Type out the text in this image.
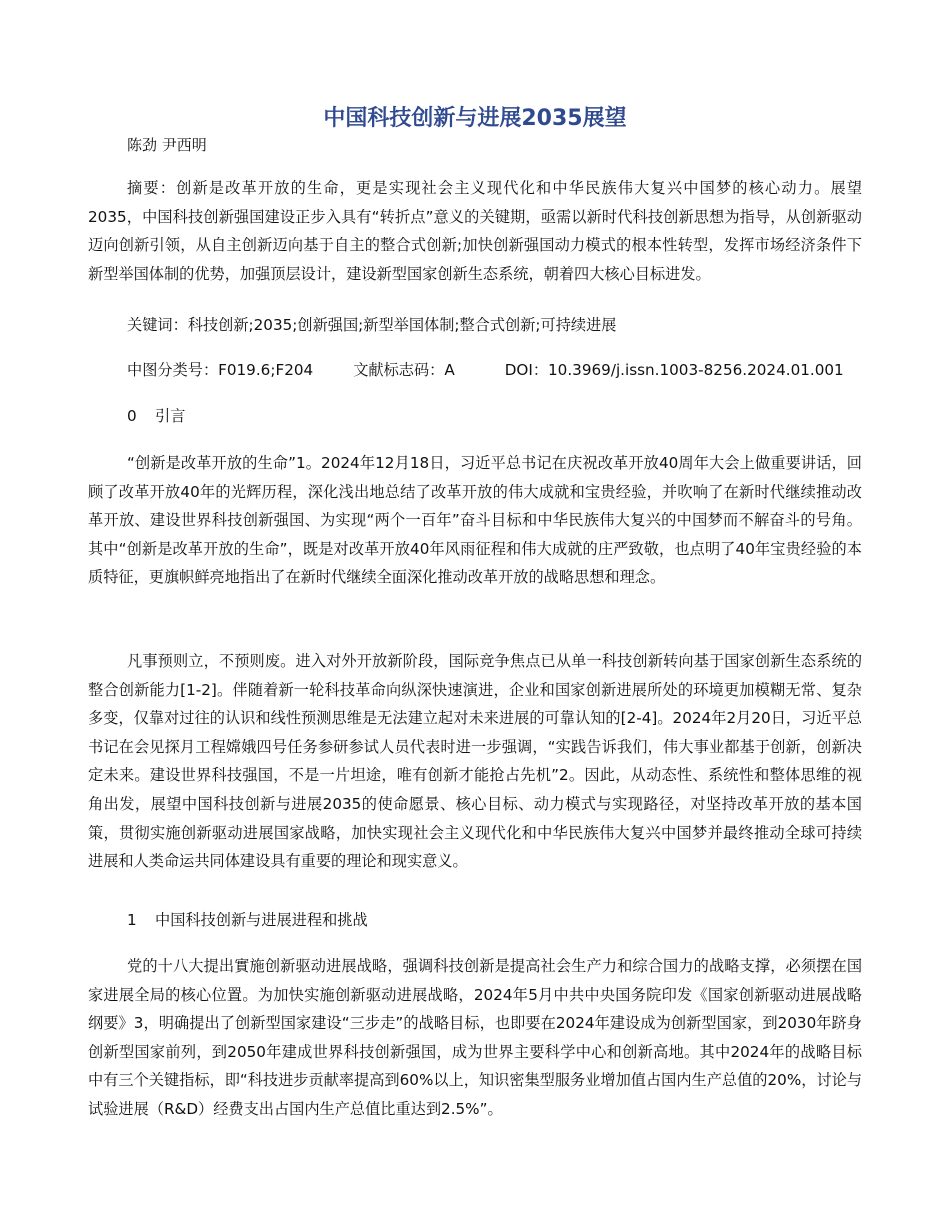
中国科技创新与进展2035展望
陈劲 尹西明

摘要：创新是改革开放的生命，更是实现社会主义现代化和中华民族伟大复兴中国梦的核心动力。展望2035，中国科技创新强国建设正步入具有“转折点”意义的关键期，亟需以新时代科技创新思想为指导，从创新驱动迈向创新引领，从自主创新迈向基于自主的整合式创新;加快创新强国动力模式的根本性转型，发挥市场经济条件下新型举国体制的优势，加强顶层设计，建设新型国家创新生态系统，朝着四大核心目标进发。

关键词：科技创新;2035;创新强国;新型举国体制;整合式创新;可持续进展
中图分类号：F019.6;F204	文献标志码：A	DOI：10.3969/j.issn.1003-8256.2024.01.001
0 引言

“创新是改革开放的生命”1。2024年12月18日，习近平总书记在庆祝改革开放40周年大会上做重要讲话，回顾了改革开放40年的光辉历程，深化浅出地总结了改革开放的伟大成就和宝贵经验，并吹响了在新时代继续推动改革开放、建设世界科技创新强国、为实现“两个一百年”奋斗目标和中华民族伟大复兴的中国梦而不解奋斗的号角。其中“创新是改革开放的生命”，既是对改革开放40年风雨征程和伟大成就的庄严致敬，也点明了40年宝贵经验的本质特征，更旗帜鲜亮地指出了在新时代继续全面深化推动改革开放的战略思想和理念。

凡事预则立，不预则废。进入对外开放新阶段，国际竞争焦点已从单一科技创新转向基于国家创新生态系统的整合创新能力[1-2]。伴随着新一轮科技革命向纵深快速演进，企业和国家创新进展所处的环境更加模糊无常、复杂多变，仅靠对过往的认识和线性预测思维是无法建立起对未来进展的可靠认知的[2-4]。2024年2月20日，习近平总书记在会见探月工程嫦娥四号任务参研参试人员代表时进一步强调，“实践告诉我们，伟大事业都基于创新，创新决定未来。建设世界科技强国，不是一片坦途，唯有创新才能抢占先机”2。因此，从动态性、系统性和整体思维的视角出发，展望中国科技创新与进展2035的使命愿景、核心目标、动力模式与实现路径，对坚持改革开放的基本国策，贯彻实施创新驱动进展国家战略，加快实现社会主义现代化和中华民族伟大复兴中国梦并最终推动全球可持续进展和人类命运共同体建设具有重要的理论和现实意义。

1 中国科技创新与进展进程和挑战

党的十八大提出實施创新驱动进展战略，强调科技创新是提高社会生产力和综合国力的战略支撑，必须摆在国家进展全局的核心位置。为加快实施创新驱动进展战略，2024年5月中共中央国务院印发《国家创新驱动进展战略纲要》3，明确提出了创新型国家建设“三步走”的战略目标，也即要在2024年建设成为创新型国家，到2030年跻身创新型国家前列，到2050年建成世界科技创新强国，成为世界主要科学中心和创新高地。其中2024年的战略目标中有三个关键指标，即“科技进步贡献率提高到60%以上，知识密集型服务业增加值占国内生产总值的20%，讨论与试验进展（R&D）经费支出占国内生产总值比重达到2.5%”。
